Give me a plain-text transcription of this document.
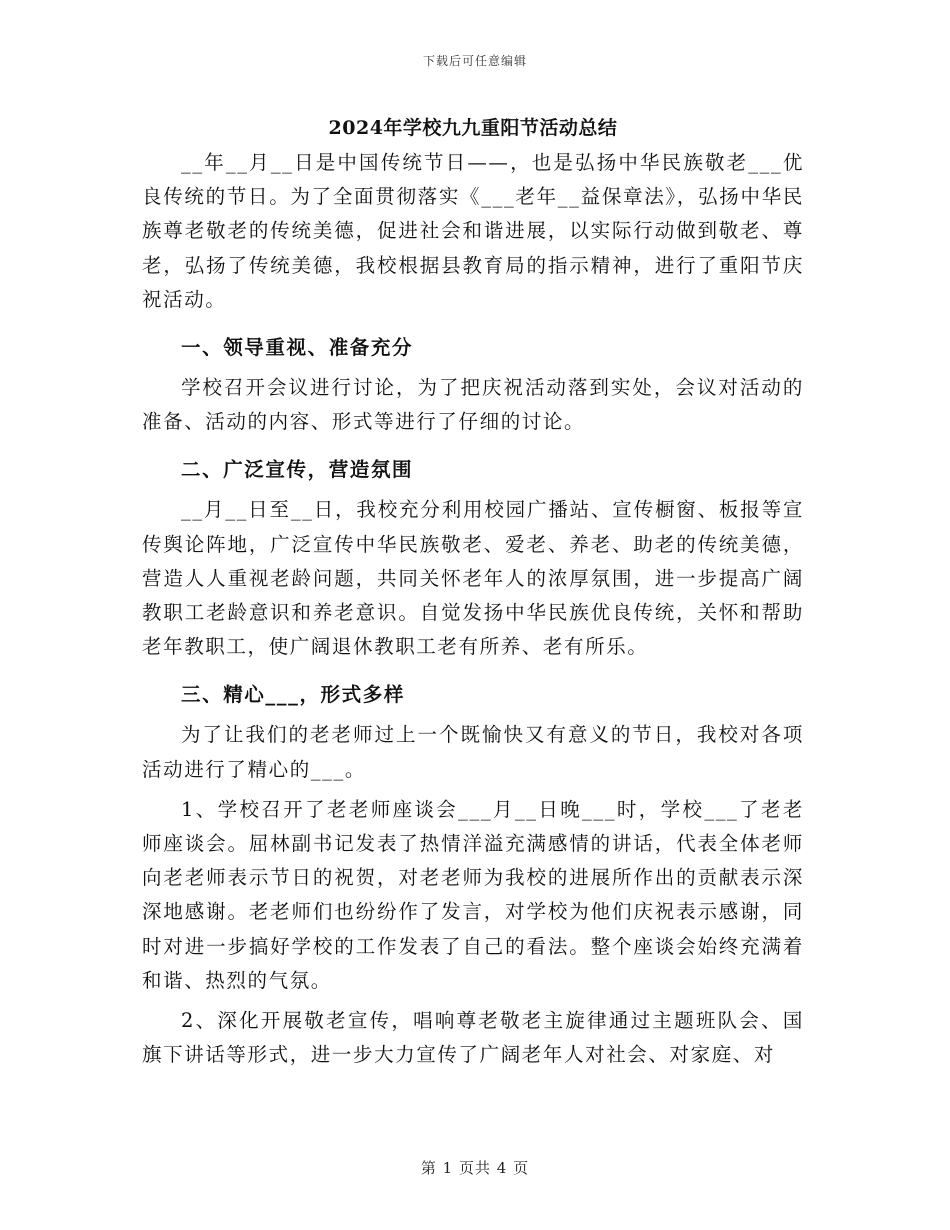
下载后可任意编辑
2024年学校九九重阳节活动总结

__年__月__日是中国传统节日——，也是弘扬中华民族敬老___优良传统的节日。为了全面贯彻落实《___老年__益保章法》，弘扬中华民族尊老敬老的传统美德，促进社会和谐进展，以实际行动做到敬老、尊老，弘扬了传统美德，我校根据县教育局的指示精神，进行了重阳节庆祝活动。

一、领导重视、准备充分

学校召开会议进行讨论，为了把庆祝活动落到实处，会议对活动的准备、活动的内容、形式等进行了仔细的讨论。

二、广泛宣传，营造氛围

__月__日至__日，我校充分利用校园广播站、宣传橱窗、板报等宣传舆论阵地，广泛宣传中华民族敬老、爱老、养老、助老的传统美德，营造人人重视老龄问题，共同关怀老年人的浓厚氛围，进一步提高广阔教职工老龄意识和养老意识。自觉发扬中华民族优良传统，关怀和帮助老年教职工，使广阔退休教职工老有所养、老有所乐。

三、精心___，形式多样

为了让我们的老老师过上一个既愉快又有意义的节日，我校对各项活动进行了精心的___。

1、学校召开了老老师座谈会___月__日晚___时，学校___了老老师座谈会。屈林副书记发表了热情洋溢充满感情的讲话，代表全体老师向老老师表示节日的祝贺，对老老师为我校的进展所作出的贡献表示深深地感谢。老老师们也纷纷作了发言，对学校为他们庆祝表示感谢，同时对进一步搞好学校的工作发表了自己的看法。整个座谈会始终充满着和谐、热烈的气氛。

2、深化开展敬老宣传，唱响尊老敬老主旋律通过主题班队会、国旗下讲话等形式，进一步大力宣传了广阔老年人对社会、对家庭、对

第 1 页共 4 页
